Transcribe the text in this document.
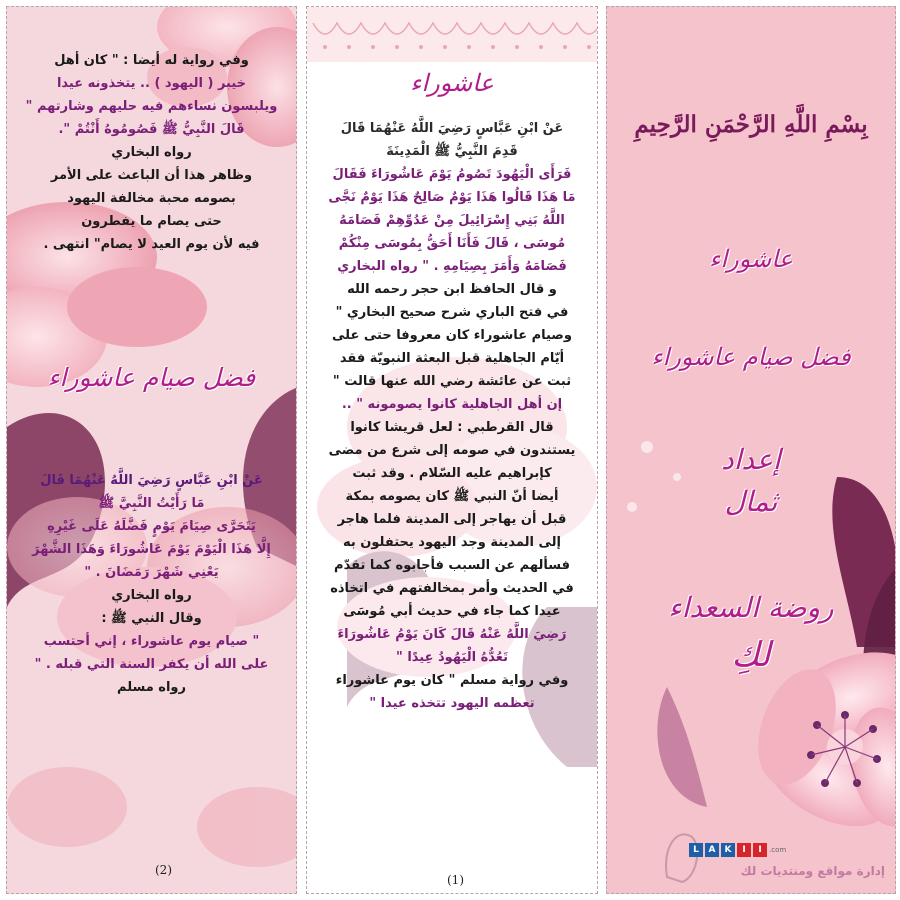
وفي رواية له أيضا : " كان أهل
خيبر ( اليهود ) .. يتخذونه عيدا
ويلبسون نساءهم فيه حليهم وشارتهم "
قَالَ النَّبِيُّ ﷺ فَصُومُوهُ أَنْتُمْ ".
رواه البخاري
وظاهر هذا أن الباعث على الأمر
بصومه محبة مخالفة اليهود
حتى يصام ما يفطرون
فيه لأن يوم العيد لا يصام" انتهى .
فضل صيام عاشوراء
عَنْ ابْنِ عَبَّاسٍ رَضِيَ اللَّهُ عَنْهُمَا قَالَ
مَا رَأَيْتُ النَّبِيَّ ﷺ
يَتَحَرَّى صِيَامَ يَوْمٍ فَضَّلَهُ عَلَى غَيْرِهِ
إِلَّا هَذَا الْيَوْمَ يَوْمَ عَاشُورَاءَ وَهَذَا الشَّهْرَ
يَعْنِي شَهْرَ رَمَضَانَ . "
رواه البخاري
وقال النبي ﷺ :
" صيام يوم عاشوراء ، إني أحتسب
على الله أن يكفر السنة التي قبله . "
رواه مسلم
(2)
عاشوراء
عَنْ ابْنِ عَبَّاسٍ رَضِيَ اللَّهُ عَنْهُمَا قَالَ
قَدِمَ النَّبِيُّ ﷺ الْمَدِينَةَ
فَرَأَى الْيَهُودَ تَصُومُ يَوْمَ عَاشُورَاءَ فَقَالَ
مَا هَذَا قَالُوا هَذَا يَوْمٌ صَالِحٌ هَذَا يَوْمٌ نَجَّى
اللَّهُ بَنِي إِسْرَائِيلَ مِنْ عَدُوِّهِمْ فَصَامَهُ
مُوسَى ، قَالَ فَأَنَا أَحَقُّ بِمُوسَى مِنْكُمْ
فَصَامَهُ وَأَمَرَ بِصِيَامِهِ . " رواه البخاري
و قال الحافظ ابن حجر رحمه الله
في فتح الباري شرح صحيح البخاري "
وصيام عاشوراء كان معروفا حتى على
أيّام الجاهلية قبل البعثة النبويّة فقد
ثبت عن عائشة رضي الله عنها قالت "
إن أهل الجاهلية كانوا يصومونه " ..
قال القرطبي : لعل قريشا كانوا
يستندون في صومه إلى شرع من مضى
كإبراهيم عليه السّلام . وقد ثبت
أيضا أنّ النبي ﷺ كان يصومه بمكة
قبل أن يهاجر إلى المدينة فلما هاجر
إلى المدينة وجد اليهود يحتفلون به
فسألهم عن السبب فأجابوه كما تقدّم
في الحديث وأمر بمخالفتهم في اتخاذه
عيدا كما جاء في حديث أبي مُوسَى
رَضِيَ اللَّهُ عَنْهُ قَالَ كَانَ يَوْمُ عَاشُورَاءَ
تَعُدُّهُ الْيَهُودُ عِيدًا "
وفي رواية مسلم " كان يوم عاشوراء
تعظمه اليهود تتخذه عيدا "
(1)
بِسْمِ اللَّهِ الرَّحْمَنِ الرَّحِيمِ
عاشوراء
فضل صيام عاشوراء
إعداد
ثمال
روضة السعداء
لكِ
L	A	K	I	I	.com
إدارة مواقع ومنتديات لك
